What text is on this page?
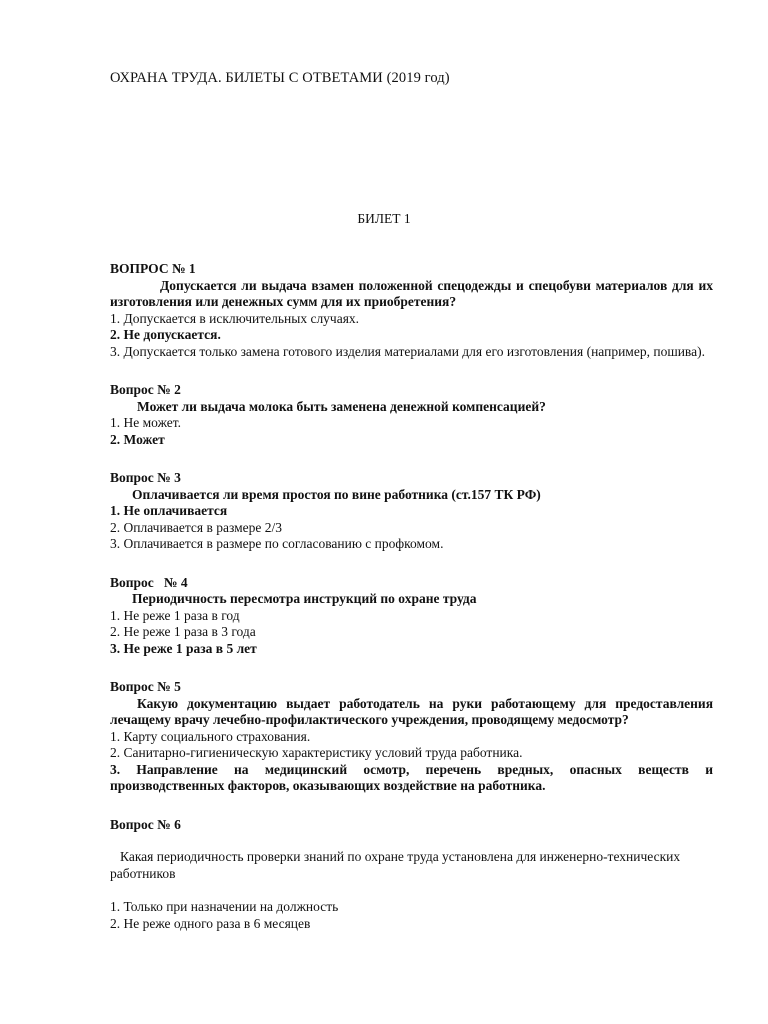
ОХРАНА ТРУДА. БИЛЕТЫ С ОТВЕТАМИ (2019 год)
БИЛЕТ 1

ВОПРОС № 1

Допускается ли выдача взамен положенной спецодежды и спецобуви материалов для их изготовления или денежных сумм для их приобретения?

1. Допускается в исключительных случаях.

2. Не допускается.

3. Допускается только замена готового изделия материалами для его изготовления (например, пошива).

Вопрос № 2

Может ли выдача молока быть заменена денежной компенсацией?

1. Не может.

2. Может

Вопрос № 3

Оплачивается ли время простоя по вине работника (ст.157 ТК РФ)

1. Не оплачивается

2. Оплачивается в размере 2/3

3. Оплачивается в размере по согласованию с профкомом.

Вопрос   № 4

Периодичность пересмотра инструкций по охране труда

1. Не реже 1 раза в год

2. Не реже 1 раза в 3 года

3. Не реже 1 раза в 5 лет

Вопрос № 5

Какую документацию выдает работодатель на руки работающему для предоставления лечащему врачу лечебно-профилактического учреждения, проводящему медосмотр?

1. Карту социального страхования.

2. Санитарно-гигиеническую характеристику условий труда работника.

3. Направление на медицинский осмотр, перечень вредных, опасных веществ и производственных факторов, оказывающих воздействие на работника.

Вопрос № 6

Какая периодичность проверки знаний по охране труда установлена для инженерно-технических работников

1. Только при назначении на должность

2. Не реже одного раза в 6 месяцев
